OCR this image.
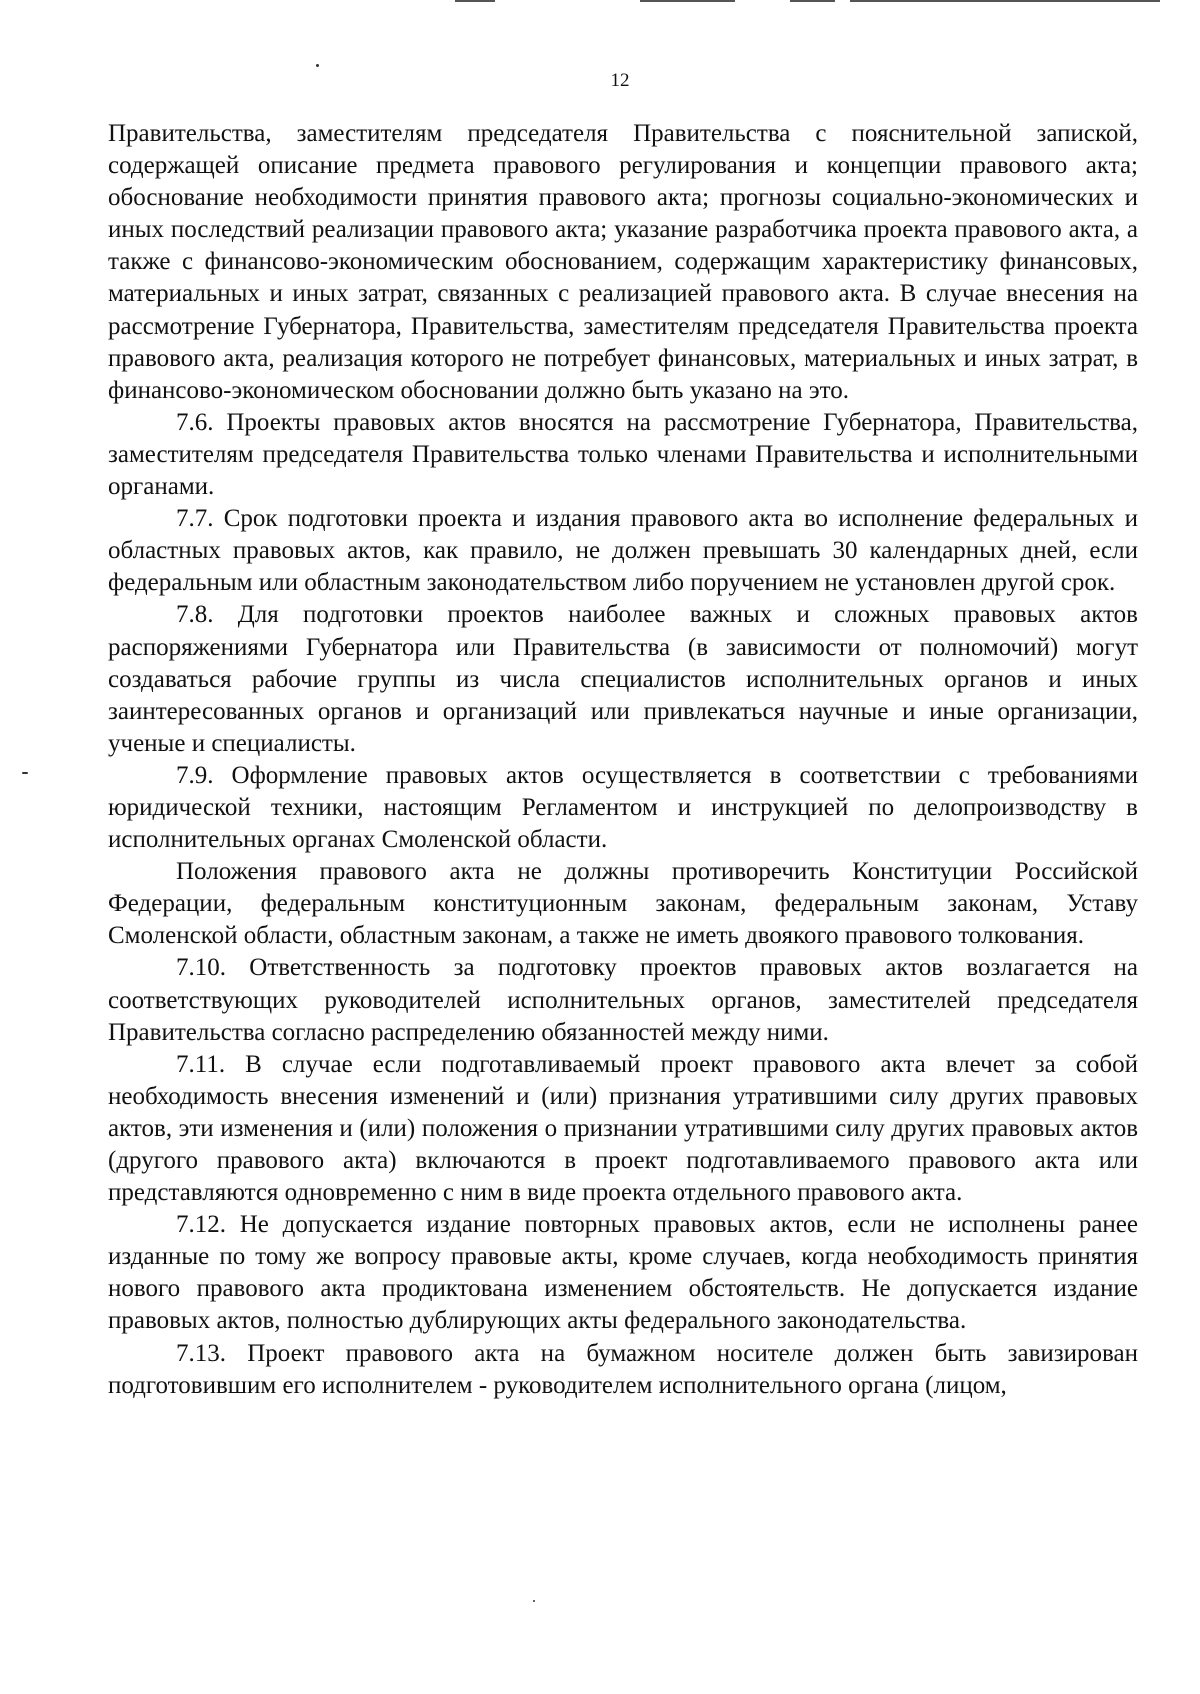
12

Правительства, заместителям председателя Правительства с пояснительной запиской, содержащей описание предмета правового регулирования и концепции правового акта; обоснование необходимости принятия правового акта; прогнозы социально-экономических и иных последствий реализации правового акта; указание разработчика проекта правового акта, а также с финансово-экономическим обоснованием, содержащим характеристику финансовых, материальных и иных затрат, связанных с реализацией правового акта. В случае внесения на рассмотрение Губернатора, Правительства, заместителям председателя Правительства проекта правового акта, реализация которого не потребует финансовых, материальных и иных затрат, в финансово-экономическом обосновании должно быть указано на это.

7.6. Проекты правовых актов вносятся на рассмотрение Губернатора, Правительства, заместителям председателя Правительства только членами Правительства и исполнительными органами.

7.7. Срок подготовки проекта и издания правового акта во исполнение федеральных и областных правовых актов, как правило, не должен превышать 30 календарных дней, если федеральным или областным законодательством либо поручением не установлен другой срок.

7.8. Для подготовки проектов наиболее важных и сложных правовых актов распоряжениями Губернатора или Правительства (в зависимости от полномочий) могут создаваться рабочие группы из числа специалистов исполнительных органов и иных заинтересованных органов и организаций или привлекаться научные и иные организации, ученые и специалисты.

7.9. Оформление правовых актов осуществляется в соответствии с требованиями юридической техники, настоящим Регламентом и инструкцией по делопроизводству в исполнительных органах Смоленской области.

Положения правового акта не должны противоречить Конституции Российской Федерации, федеральным конституционным законам, федеральным законам, Уставу Смоленской области, областным законам, а также не иметь двоякого правового толкования.

7.10. Ответственность за подготовку проектов правовых актов возлагается на соответствующих руководителей исполнительных органов, заместителей председателя Правительства согласно распределению обязанностей между ними.

7.11. В случае если подготавливаемый проект правового акта влечет за собой необходимость внесения изменений и (или) признания утратившими силу других правовых актов, эти изменения и (или) положения о признании утратившими силу других правовых актов (другого правового акта) включаются в проект подготавливаемого правового акта или представляются одновременно с ним в виде проекта отдельного правового акта.

7.12. Не допускается издание повторных правовых актов, если не исполнены ранее изданные по тому же вопросу правовые акты, кроме случаев, когда необходимость принятия нового правового акта продиктована изменением обстоятельств. Не допускается издание правовых актов, полностью дублирующих акты федерального законодательства.

7.13. Проект правового акта на бумажном носителе должен быть завизирован подготовившим его исполнителем - руководителем исполнительного органа (лицом,
